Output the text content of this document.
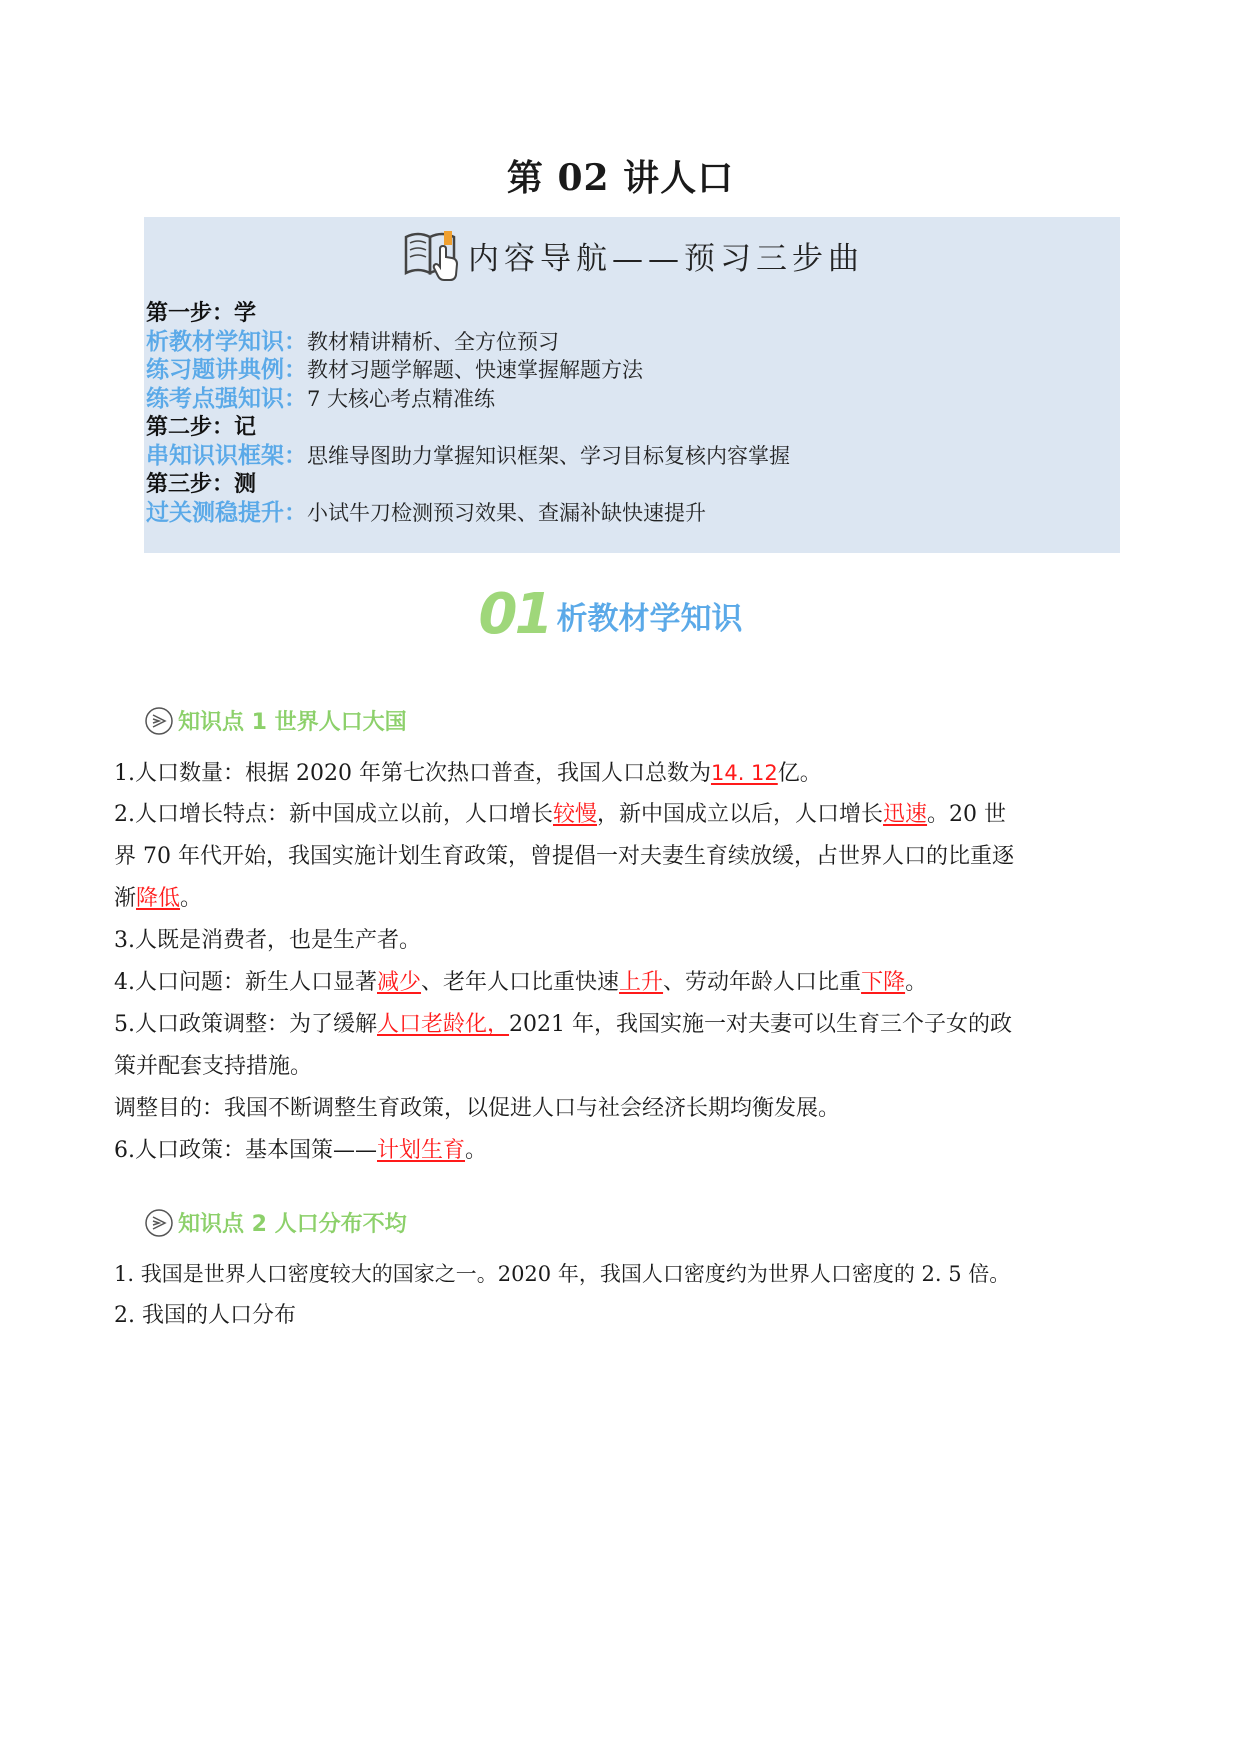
第 02 讲人口
内容导航——预习三步曲
第一步：学
析教材学知识：教材精讲精析、全方位预习
练习题讲典例：教材习题学解题、快速掌握解题方法
练考点强知识：7 大核心考点精准练
第二步：记
串知识识框架：思维导图助力掌握知识框架、学习目标复核内容掌握
第三步：测
过关测稳提升：小试牛刀检测预习效果、查漏补缺快速提升
01 析教材学知识
知识点 1 世界人口大国
1.人口数量：根据 2020 年第七次热口普查，我国人口总数为14. 12亿。
2.人口增长特点：新中国成立以前，人口增长较慢，新中国成立以后，人口增长迅速。20 世
界 70 年代开始，我国实施计划生育政策，曾提倡一对夫妻生育续放缓，占世界人口的比重逐
渐降低。
3.人既是消费者，也是生产者。
4.人口问题：新生人口显著减少、老年人口比重快速上升、劳动年龄人口比重下降。
5.人口政策调整：为了缓解人口老龄化，2021 年，我国实施一对夫妻可以生育三个子女的政
策并配套支持措施。
调整目的：我国不断调整生育政策，以促进人口与社会经济长期均衡发展。
6.人口政策：基本国策——计划生育。
知识点 2 人口分布不均
1. 我国是世界人口密度较大的国家之一。2020 年，我国人口密度约为世界人口密度的 2. 5 倍。
2. 我国的人口分布
